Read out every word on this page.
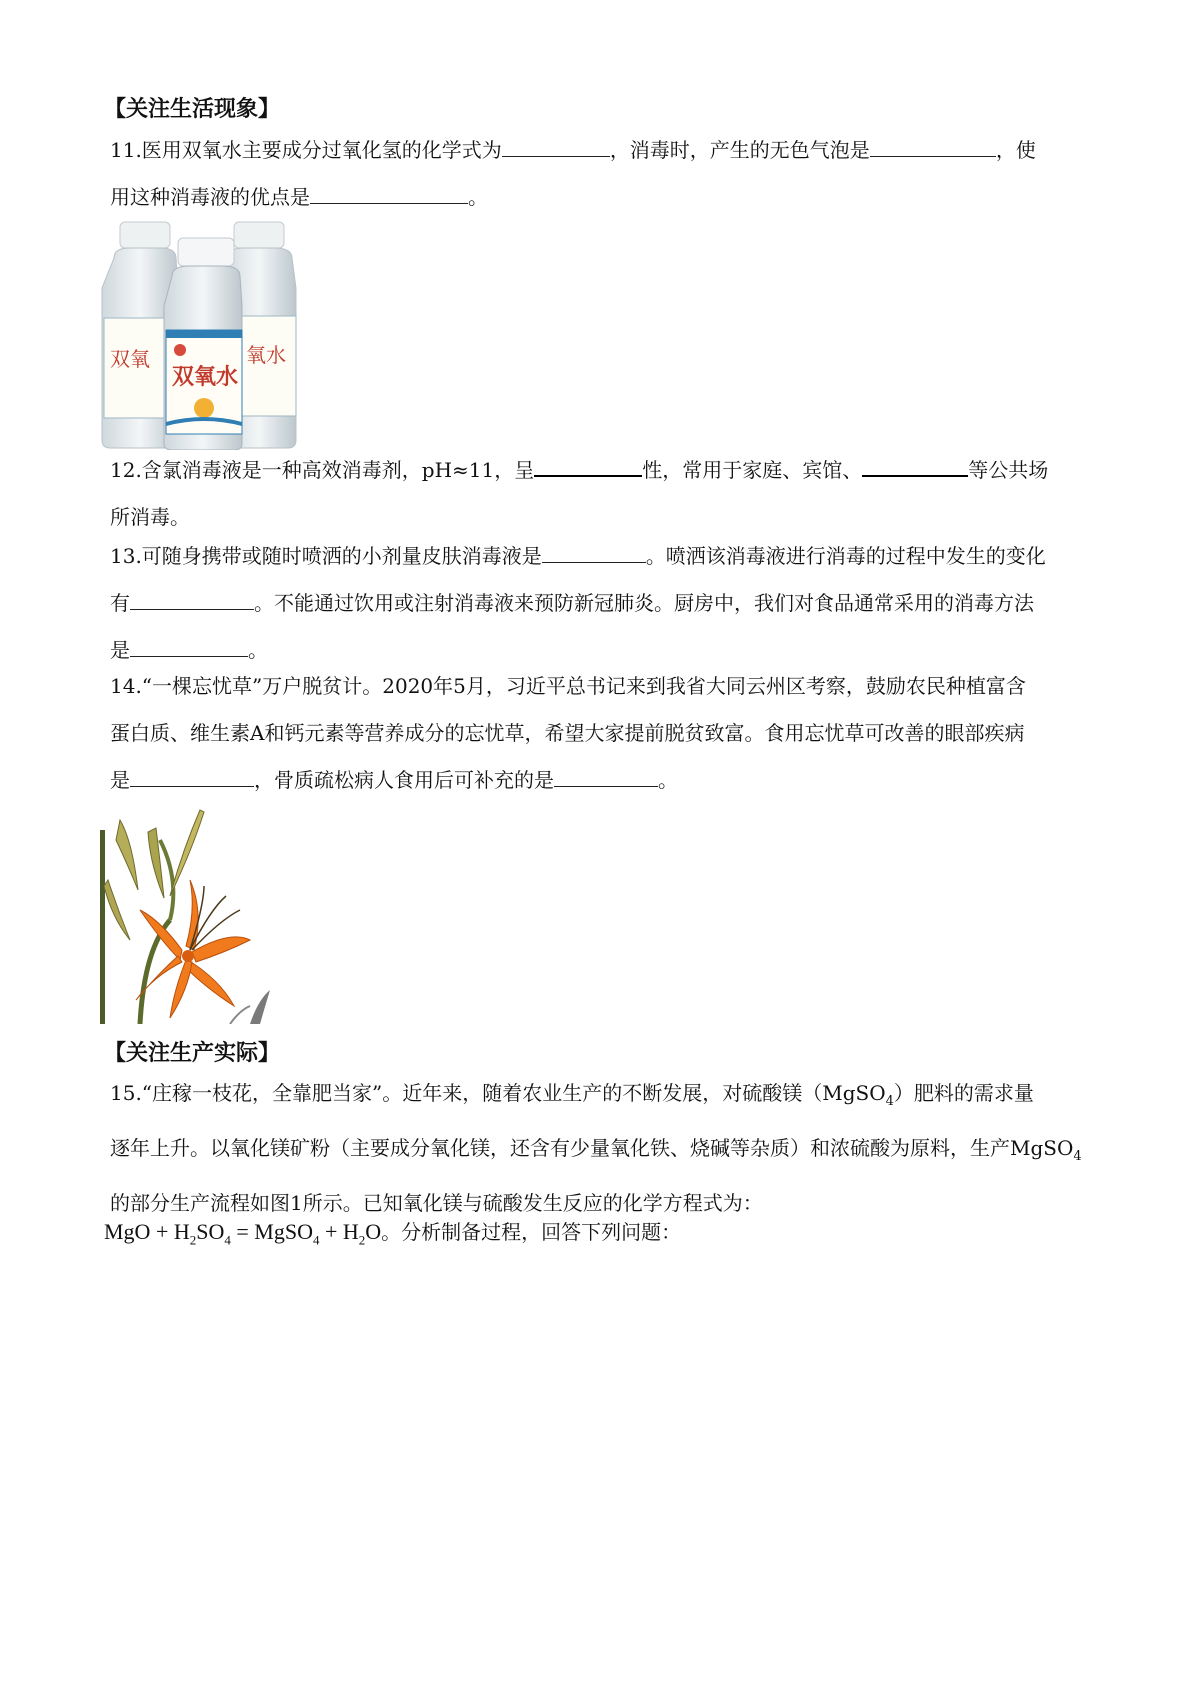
【关注生活现象】

11.医用双氧水主要成分过氧化氢的化学式为	，消毒时，产生的无色气泡是	，使

用这种消毒液的优点是	。

双氧	氧水
双氧水

12.含氯消毒液是一种高效消毒剂，pH≈11，呈	性，常用于家庭、宾馆、	等公共场

所消毒。

13.可随身携带或随时喷洒的小剂量皮肤消毒液是	。喷洒该消毒液进行消毒的过程中发生的变化

有	。不能通过饮用或注射消毒液来预防新冠肺炎。厨房中，我们对食品通常采用的消毒方法

是	。

14.“一棵忘忧草”万户脱贫计。2020年5月，习近平总书记来到我省大同云州区考察，鼓励农民种植富含

蛋白质、维生素A和钙元素等营养成分的忘忧草，希望大家提前脱贫致富。食用忘忧草可改善的眼部疾病

是	，骨质疏松病人食用后可补充的是	。

【关注生产实际】

15.“庄稼一枝花，全靠肥当家”。近年来，随着农业生产的不断发展，对硫酸镁（MgSO$_4$）肥料的需求量

逐年上升。以氧化镁矿粉（主要成分氧化镁，还含有少量氧化铁、烧碱等杂质）和浓硫酸为原料，生产MgSO$_4$

的部分生产流程如图1所示。已知氧化镁与硫酸发生反应的化学方程式为：

MgO + $H_2SO_4$ = MgSO$_4$ + $H_2O$。分析制备过程，回答下列问题：
